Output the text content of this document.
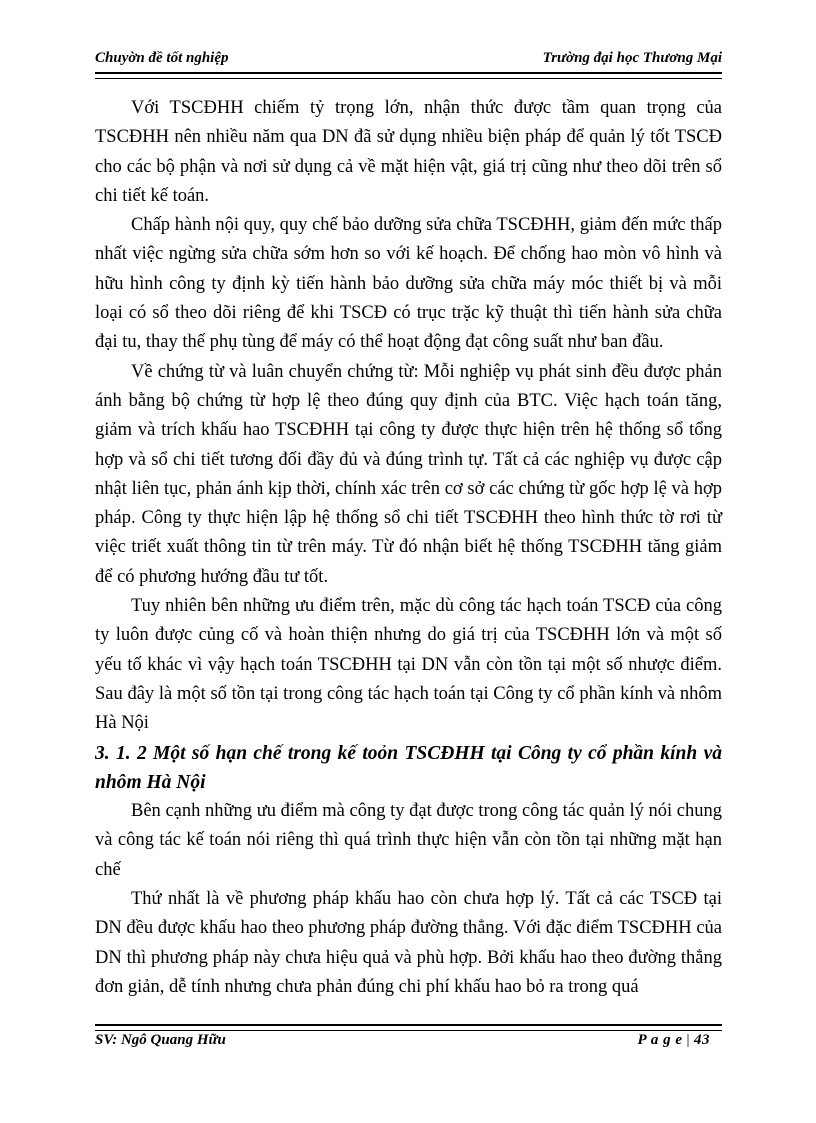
Chuyờn đề tốt nghiệp	Trường đại học Thương Mại

Với TSCĐHH chiếm tỷ trọng lớn, nhận thức được tầm quan trọng của TSCĐHH nên nhiều năm qua DN đã sử dụng nhiều biện pháp để quản lý tốt TSCĐ cho các bộ phận và nơi sử dụng cả về mặt hiện vật, giá trị cũng như theo dõi trên sổ chi tiết kế toán.

Chấp hành nội quy, quy chế bảo dưỡng sửa chữa TSCĐHH, giảm đến mức thấp nhất việc ngừng sửa chữa sớm hơn so với kế hoạch. Để chống hao mòn vô hình và hữu hình công ty định kỳ tiến hành bảo dưỡng sửa chữa máy móc thiết bị và mỗi loại có sổ theo dõi riêng để khi TSCĐ có trục trặc kỹ thuật thì tiến hành sửa chữa đại tu, thay thế phụ tùng để máy có thể hoạt động đạt công suất như ban đầu.

Về chứng từ và luân chuyển chứng từ: Mỗi nghiệp vụ phát sinh đều được phản ánh bằng bộ chứng từ hợp lệ theo đúng quy định của BTC. Việc hạch toán tăng, giảm và trích khấu hao TSCĐHH tại công ty được thực hiện trên hệ thống sổ tổng hợp và sổ chi tiết tương đối đầy đủ và đúng trình tự. Tất cả các nghiệp vụ được cập nhật liên tục, phản ánh kịp thời, chính xác trên cơ sở các chứng từ gốc hợp lệ và hợp pháp. Công ty thực hiện lập hệ thống sổ chi tiết TSCĐHH theo hình thức tờ rơi từ việc triết xuất thông tin từ trên máy. Từ đó nhận biết hệ thống TSCĐHH tăng giảm để có phương hướng đầu tư tốt.

Tuy nhiên bên những ưu điểm trên, mặc dù công tác hạch toán TSCĐ của công ty luôn được củng cố và hoàn thiện nhưng do giá trị của TSCĐHH lớn và một số yếu tố khác vì vậy hạch toán TSCĐHH tại DN vẫn còn tồn tại một số nhược điểm. Sau đây là một số tồn tại trong công tác hạch toán tại Công ty cổ phần kính và nhôm Hà Nội

3. 1. 2 Một số hạn chế trong kế toỏn TSCĐHH tại Công ty cổ phần kính và nhôm Hà Nội

Bên cạnh những ưu điểm mà công ty đạt được trong công tác quản lý nói chung và công tác kế toán nói riêng thì quá trình thực hiện vẫn còn tồn tại những mặt hạn chế

Thứ nhất là về phương pháp khấu hao còn chưa hợp lý. Tất cả các TSCĐ tại DN đều được khấu hao theo phương pháp đường thẳng. Với đặc điểm TSCĐHH của DN thì phương pháp này chưa hiệu quả và phù hợp. Bởi khấu hao theo đường thẳng đơn giản, dễ tính nhưng chưa phản đúng chi phí khấu hao bỏ ra trong quá

SV: Ngô Quang Hữu	P a g e | 43
